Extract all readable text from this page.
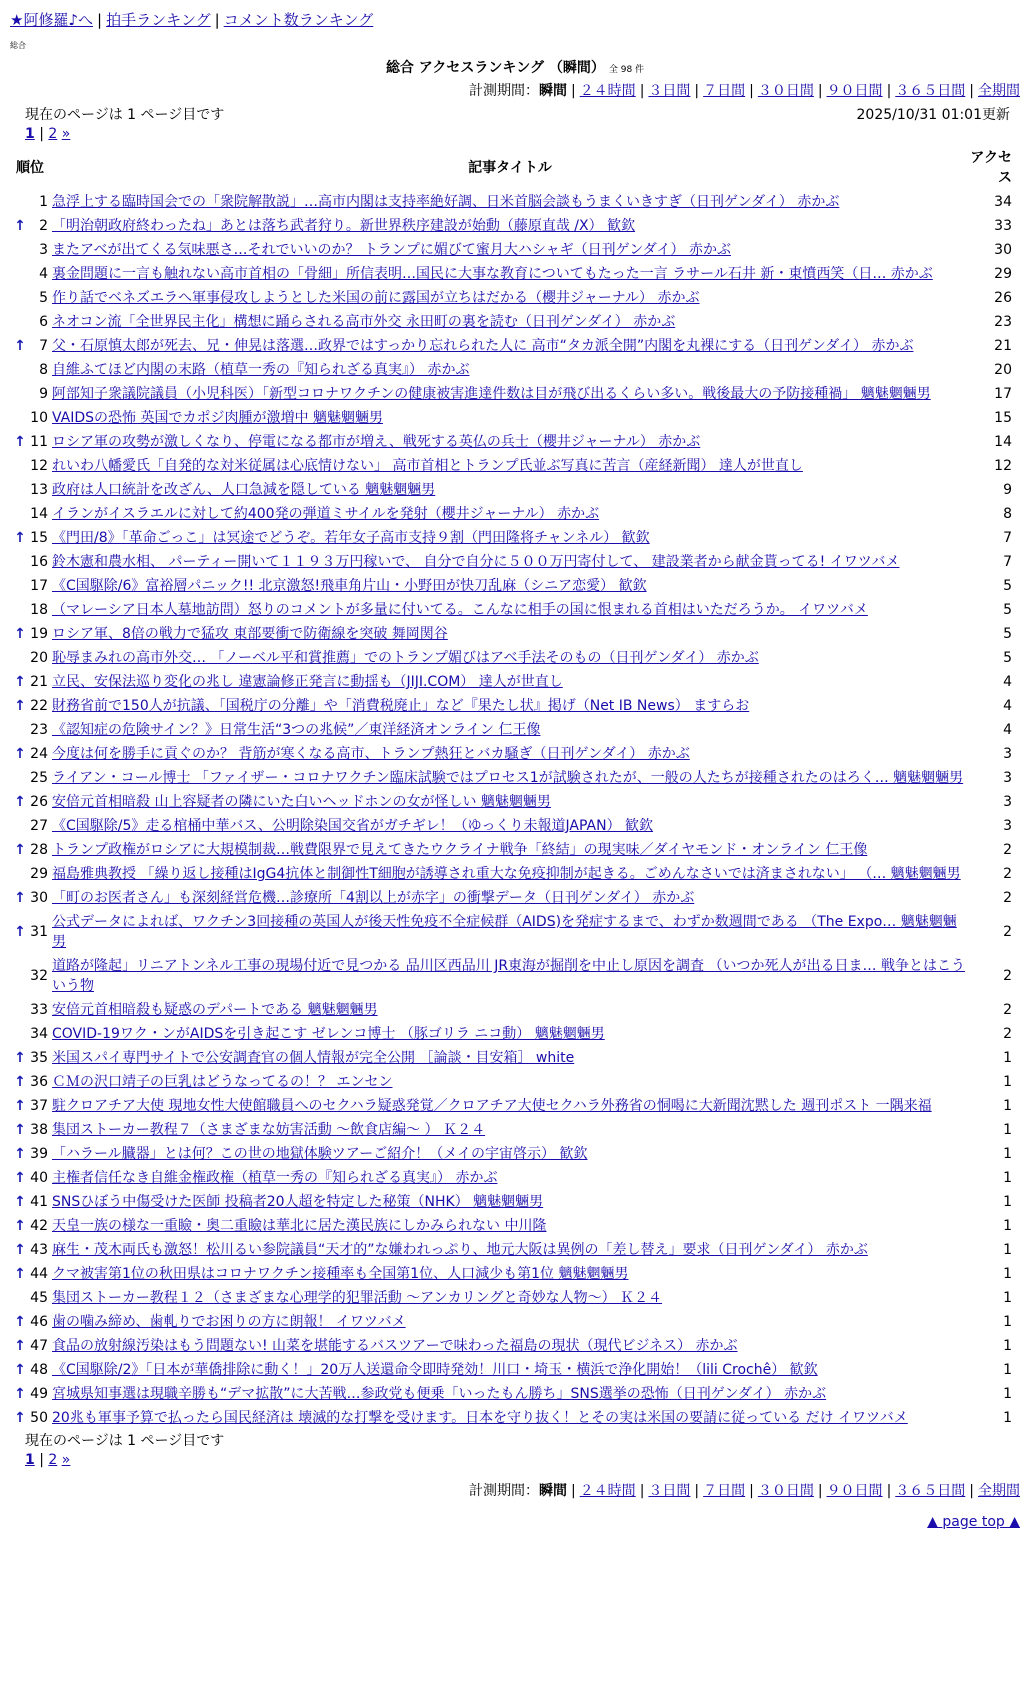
★阿修羅♪へ | 拍手ランキング | コメント数ランキング
総合
総合 アクセスランキング （瞬間） 全 98 件
計測期間：瞬間 | ２４時間 | ３日間 | ７日間 | ３０日間 | ９０日間 | ３６５日間 | 全期間
現在のページは 1 ページ目です	2025/10/31 01:01更新
1 | 2 »
順位		記事タイトル	アクセス
	1	急浮上する臨時国会での「衆院解散説」…高市内閣は支持率絶好調、日米首脳会談もうまくいきすぎ（日刊ゲンダイ） 赤かぶ	34
↑	2	「明治朝政府終わったね」あとは落ち武者狩り。新世界秩序建設が始動（藤原直哉 /X） 歓欽	33
	3	またアベが出てくる気味悪さ…それでいいのか？ トランプに媚びて蜜月大ハシャギ（日刊ゲンダイ） 赤かぶ	30
	4	裏金問題に一言も触れない高市首相の「骨細」所信表明…国民に大事な教育についてもたった一言 ラサール石井 新・東憤西笑（日… 赤かぶ	29
	5	作り話でベネズエラへ軍事侵攻しようとした米国の前に露国が立ちはだかる（櫻井ジャーナル） 赤かぶ	26
	6	ネオコン流「全世界民主化」構想に踊らされる高市外交 永田町の裏を読む（日刊ゲンダイ） 赤かぶ	23
↑	7	父・石原慎太郎が死去、兄・伸晃は落選…政界ではすっかり忘れられた人に 高市“タカ派全開”内閣を丸裸にする（日刊ゲンダイ） 赤かぶ	21
	8	自維ふてほど内閣の末路（植草一秀の『知られざる真実』） 赤かぶ	20
	9	阿部知子衆議院議員（小児科医）「新型コロナワクチンの健康被害進達件数は目が飛び出るくらい多い。戦後最大の予防接種禍」 魑魅魍魎男	17
	10	VAIDSの恐怖 英国でカポジ肉腫が激増中 魑魅魍魎男	15
↑	11	ロシア軍の攻勢が激しくなり、停電になる都市が増え、戦死する英仏の兵士（櫻井ジャーナル） 赤かぶ	14
	12	れいわ八幡愛氏「自発的な対米従属は心底情けない」 高市首相とトランプ氏並ぶ写真に苦言（産経新聞） 達人が世直し	12
	13	政府は人口統計を改ざん、人口急減を隠している 魑魅魍魎男	9
	14	イランがイスラエルに対して約400発の弾道ミサイルを発射（櫻井ジャーナル） 赤かぶ	8
↑	15	《門田/8》「革命ごっこ」は冥途でどうぞ。若年女子高市支持９割（門田隆将チャンネル） 歓欽	7
	16	鈴木憲和農水相、 パーティー開いて１１９３万円稼いで、 自分で自分に５００万円寄付して、 建設業者から献金貰ってる! イワツバメ	7
	17	《C国駆除/6》富裕層パニック!! 北京激怒!飛車角片山・小野田が快刀乱麻（シニア恋愛） 歓欽	5
	18	（マレーシア日本人墓地訪問）怒りのコメントが多量に付いてる。こんなに相手の国に恨まれる首相はいただろうか。 イワツバメ	5
↑	19	ロシア軍、8倍の戦力で猛攻 東部要衝で防衛線を突破 舞岡関谷	5
	20	恥辱まみれの高市外交… 「ノーベル平和賞推薦」でのトランプ媚びはアベ手法そのもの（日刊ゲンダイ） 赤かぶ	5
↑	21	立民、安保法巡り変化の兆し 違憲論修正発言に動揺も（JIJI.COM） 達人が世直し	4
↑	22	財務省前で150人が抗議、「国税庁の分離」や「消費税廃止」など『果たし状』掲げ（Net IB News） ますらお	4
	23	《認知症の危険サイン？》日常生活“3つの兆候”／東洋経済オンライン 仁王像	4
↑	24	今度は何を勝手に貢ぐのか？ 背筋が寒くなる高市、トランプ熱狂とバカ騒ぎ（日刊ゲンダイ） 赤かぶ	3
	25	ライアン・コール博士 「ファイザー・コロナワクチン臨床試験ではプロセス1が試験されたが、一般の人たちが接種されたのはろく… 魑魅魍魎男	3
↑	26	安倍元首相暗殺 山上容疑者の隣にいた白いヘッドホンの女が怪しい 魑魅魍魎男	3
	27	《C国駆除/5》走る棺桶中華バス、公明除染国交省がガチギレ！（ゆっくり未報道JAPAN） 歓欽	3
↑	28	トランプ政権がロシアに大規模制裁…戦費限界で見えてきたウクライナ戦争「終結」の現実味／ダイヤモンド・オンライン 仁王像	2
	29	福島雅典教授 「繰り返し接種はIgG4抗体と制御性T細胞が誘導され重大な免疫抑制が起きる。ごめんなさいでは済まされない」 （… 魑魅魍魎男	2
↑	30	「町のお医者さん」も深刻経営危機…診療所「4割以上が赤字」の衝撃データ（日刊ゲンダイ） 赤かぶ	2
↑	31	公式データによれば、ワクチン3回接種の英国人が後天性免疫不全症候群（AIDS)を発症するまで、わずか数週間である （The Expo… 魑魅魍魎男	2
	32	道路が隆起」リニアトンネル工事の現場付近で見つかる 品川区西品川 JR東海が掘削を中止し原因を調査 （いつか死人が出る日ま… 戦争とはこういう物	2
	33	安倍元首相暗殺も疑惑のデパートである 魑魅魍魎男	2
	34	COVID-19ワク・ンがAIDSを引き起こす ゼレンコ博士 （豚ゴリラ ニコ動） 魑魅魍魎男	2
↑	35	米国スパイ専門サイトで公安調査官の個人情報が完全公開 ［論談・目安箱］ white	1
↑	36	ＣＭの沢口靖子の巨乳はどうなってるの！？ エンセン	1
↑	37	駐クロアチア大使 現地女性大使館職員へのセクハラ疑惑発覚／クロアチア大使セクハラ外務省の恫喝に大新聞沈黙した 週刊ポスト 一隅来福	1
↑	38	集団ストーカー教程７（さまざまな妨害活動 ～飲食店編～ ） Ｋ２４	1
↑	39	「ハラール臓器」とは何？この世の地獄体験ツアーご紹介！（メイの宇宙啓示） 歓欽	1
↑	40	主権者信任なき自維金権政権（植草一秀の『知られざる真実』） 赤かぶ	1
↑	41	SNSひぼう中傷受けた医師 投稿者20人超を特定した秘策（NHK） 魑魅魍魎男	1
↑	42	天皇一族の様な一重瞼・奥二重瞼は華北に居た漢民族にしかみられない 中川隆	1
↑	43	麻生・茂木両氏も激怒！松川るい参院議員“天才的”な嫌われっぷり、地元大阪は異例の「差し替え」要求（日刊ゲンダイ） 赤かぶ	1
↑	44	クマ被害第1位の秋田県はコロナワクチン接種率も全国第1位、人口減少も第1位 魑魅魍魎男	1
	45	集団ストーカー教程１２（さまざまな心理学的犯罪活動 ～アンカリングと奇妙な人物～） Ｋ２４	1
↑	46	歯の噛み締め、歯軋りでお困りの方に朗報！ イワツバメ	1
↑	47	食品の放射線汚染はもう問題ない! 山菜を堪能するバスツアーで味わった福島の現状（現代ビジネス） 赤かぶ	1
↑	48	《C国駆除/2》「日本が華僑排除に動く！」20万人送還命令即時発効！川口・埼玉・横浜で浄化開始！（lili Crochê） 歓欽	1
↑	49	宮城県知事選は現職辛勝も“デマ拡散”に大苦戦…参政党も便乗「いったもん勝ち」SNS選挙の恐怖（日刊ゲンダイ） 赤かぶ	1
↑	50	20兆も軍事予算で払ったら国民経済は 壊滅的な打撃を受けます。日本を守り抜く！とその実は米国の要請に従っている だけ イワツバメ	1
現在のページは 1 ページ目です
1 | 2 »
計測期間：瞬間 | ２４時間 | ３日間 | ７日間 | ３０日間 | ９０日間 | ３６５日間 | 全期間
▲ page top ▲
